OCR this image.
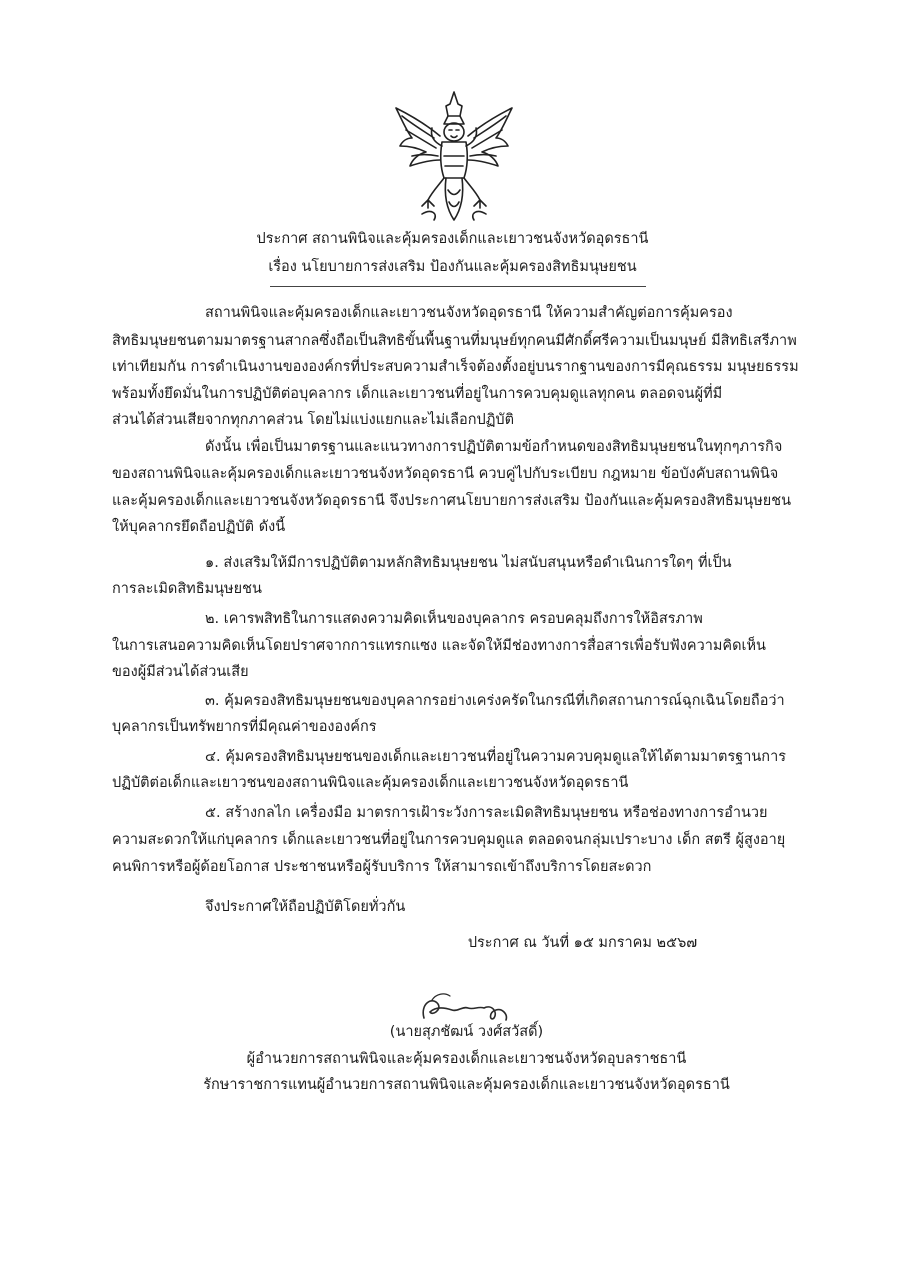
ประกาศ สถานพินิจและคุ้มครองเด็กและเยาวชนจังหวัดอุดรธานี
เรื่อง นโยบายการส่งเสริม ป้องกันและคุ้มครองสิทธิมนุษยชน
สถานพินิจและคุ้มครองเด็กและเยาวชนจังหวัดอุดรธานี ให้ความสำคัญต่อการคุ้มครอง
สิทธิมนุษยชนตามมาตรฐานสากลซึ่งถือเป็นสิทธิขั้นพื้นฐานที่มนุษย์ทุกคนมีศักดิ์ศรีความเป็นมนุษย์ มีสิทธิเสรีภาพ
เท่าเทียมกัน การดำเนินงานขององค์กรที่ประสบความสำเร็จต้องตั้งอยู่บนรากฐานของการมีคุณธรรม มนุษยธรรม
พร้อมทั้งยึดมั่นในการปฏิบัติต่อบุคลากร เด็กและเยาวชนที่อยู่ในการควบคุมดูแลทุกคน ตลอดจนผู้ที่มี
ส่วนได้ส่วนเสียจากทุกภาคส่วน โดยไม่แบ่งแยกและไม่เลือกปฏิบัติ
ดังนั้น เพื่อเป็นมาตรฐานและแนวทางการปฏิบัติตามข้อกำหนดของสิทธิมนุษยชนในทุกๆภารกิจ
ของสถานพินิจและคุ้มครองเด็กและเยาวชนจังหวัดอุดรธานี ควบคู่ไปกับระเบียบ กฎหมาย ข้อบังคับสถานพินิจ
และคุ้มครองเด็กและเยาวชนจังหวัดอุดรธานี จึงประกาศนโยบายการส่งเสริม ป้องกันและคุ้มครองสิทธิมนุษยชน
ให้บุคลากรยึดถือปฏิบัติ ดังนี้
๑. ส่งเสริมให้มีการปฏิบัติตามหลักสิทธิมนุษยชน ไม่สนับสนุนหรือดำเนินการใดๆ ที่เป็น
การละเมิดสิทธิมนุษยชน
๒. เคารพสิทธิในการแสดงความคิดเห็นของบุคลากร ครอบคลุมถึงการให้อิสรภาพ
ในการเสนอความคิดเห็นโดยปราศจากการแทรกแซง และจัดให้มีช่องทางการสื่อสารเพื่อรับฟังความคิดเห็น
ของผู้มีส่วนได้ส่วนเสีย
๓. คุ้มครองสิทธิมนุษยชนของบุคลากรอย่างเคร่งครัดในกรณีที่เกิดสถานการณ์ฉุกเฉินโดยถือว่า
บุคลากรเป็นทรัพยากรที่มีคุณค่าขององค์กร
๔. คุ้มครองสิทธิมนุษยชนของเด็กและเยาวชนที่อยู่ในความควบคุมดูแลให้ได้ตามมาตรฐานการ
ปฏิบัติต่อเด็กและเยาวชนของสถานพินิจและคุ้มครองเด็กและเยาวชนจังหวัดอุดรธานี
๕. สร้างกลไก เครื่องมือ มาตรการเฝ้าระวังการละเมิดสิทธิมนุษยชน หรือช่องทางการอำนวย
ความสะดวกให้แก่บุคลากร เด็กและเยาวชนที่อยู่ในการควบคุมดูแล ตลอดจนกลุ่มเปราะบาง เด็ก สตรี ผู้สูงอายุ
คนพิการหรือผู้ด้อยโอกาส ประชาชนหรือผู้รับบริการ ให้สามารถเข้าถึงบริการโดยสะดวก
จึงประกาศให้ถือปฏิบัติโดยทั่วกัน
ประกาศ ณ วันที่ ๑๕ มกราคม ๒๕๖๗
(นายสุภชัฒน์ วงศ์สวัสดิ์)
ผู้อำนวยการสถานพินิจและคุ้มครองเด็กและเยาวชนจังหวัดอุบลราชธานี
รักษาราชการแทนผู้อำนวยการสถานพินิจและคุ้มครองเด็กและเยาวชนจังหวัดอุดรธานี
